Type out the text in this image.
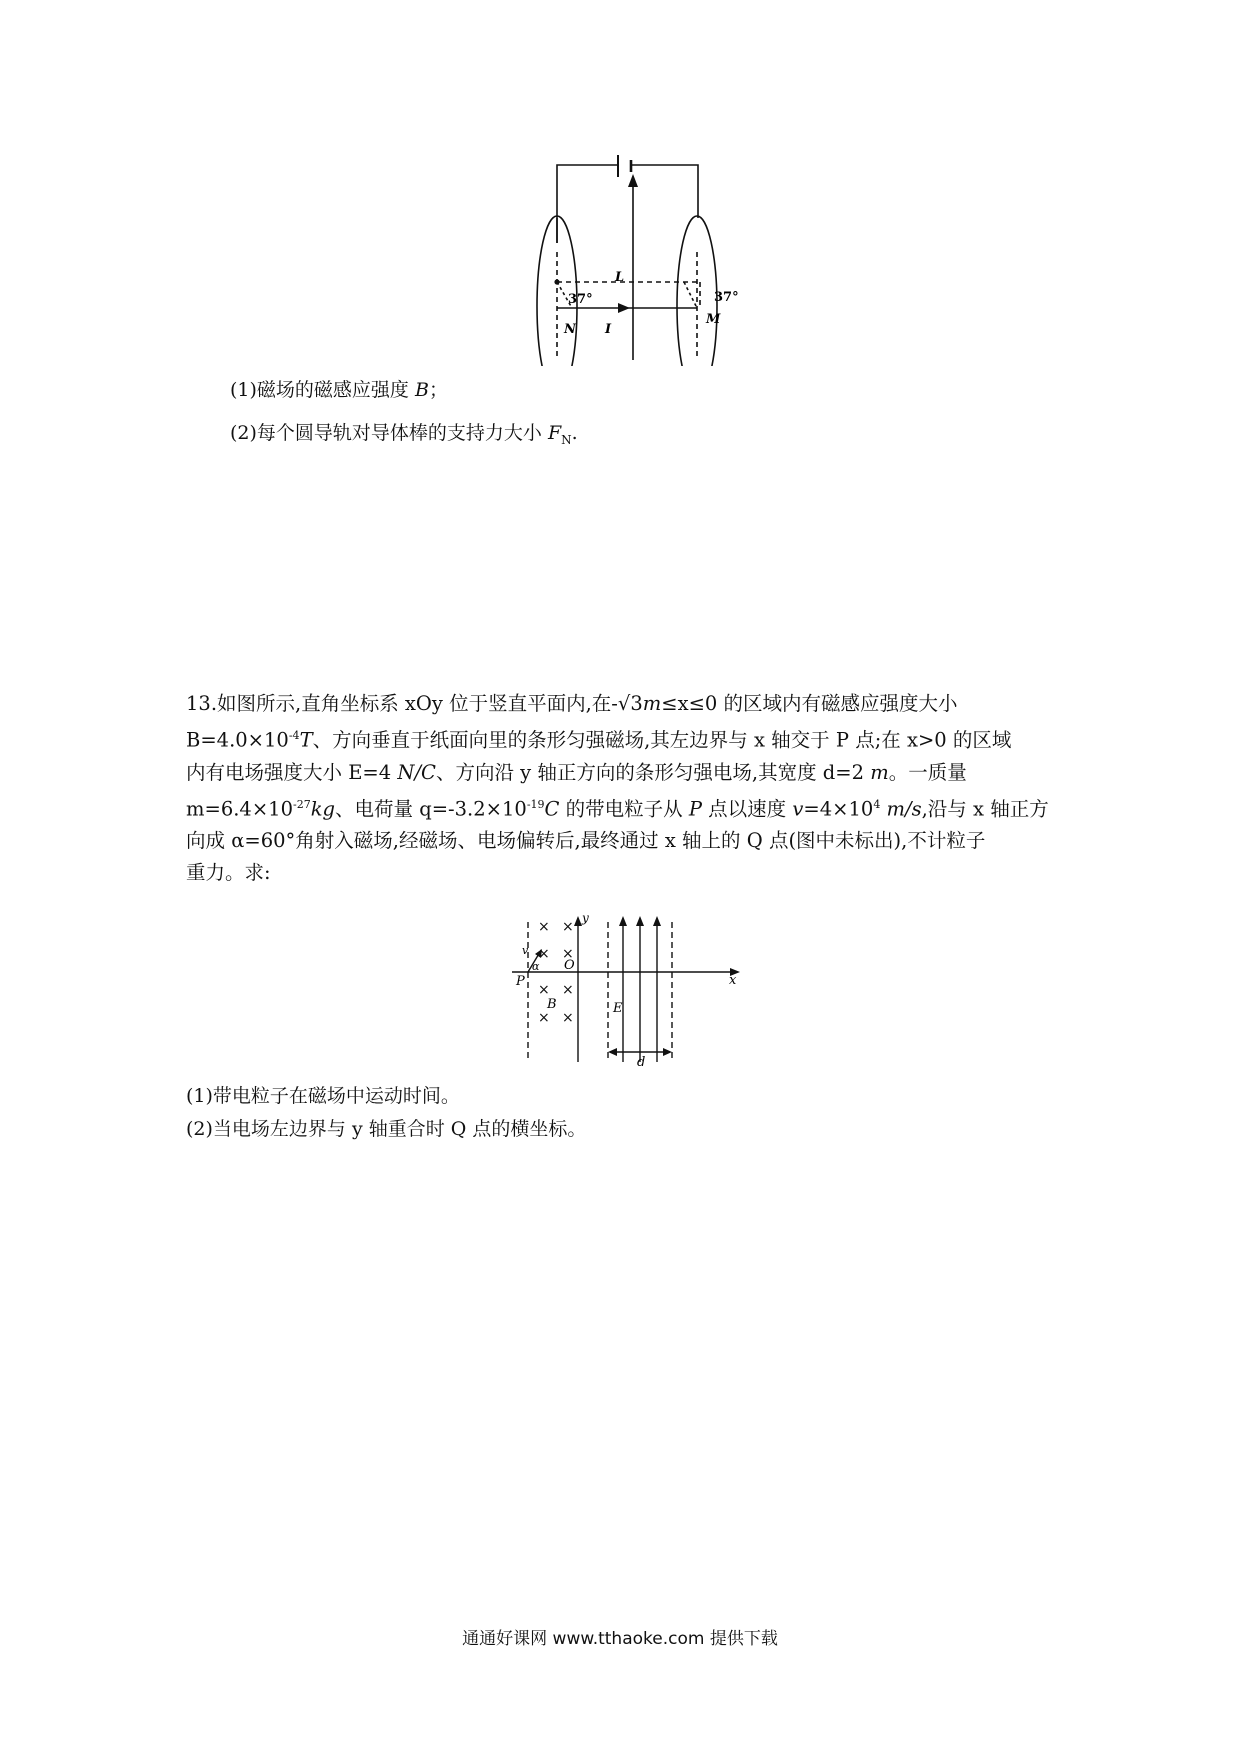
L
37°	37°
N I
M
(1)磁场的磁感应强度 B；
(2)每个圆导轨对导体棒的支持力大小 $F_N$.
13.如图所示,直角坐标系 xOy 位于竖直平面内,在-√3m≤x≤0 的区域内有磁感应强度大小
$B=4.0\times 10^{-4}T$、方向垂直于纸面向里的条形匀强磁场,其左边界与 x 轴交于 P 点;在 x>0 的区域
内有电场强度大小 E=4 N/C、方向沿 y 轴正方向的条形匀强电场,其宽度 d=2 m。一质量
$m=6.4\times 10^{-27}kg$、电荷量 $q=-3.2\times 10^{-19}C$ 的带电粒子从 P 点以速度 $v=4\times 10^4$ m/s,沿与 x 轴正方
向成 α=60°角射入磁场,经磁场、电场偏转后,最终通过 x 轴上的 Q 点(图中未标出),不计粒子
重力。求:
× ×
× ×
× ×
× ×
y
x
O
P
v
α
B	E
d
(1)带电粒子在磁场中运动时间。
(2)当电场左边界与 y 轴重合时 Q 点的横坐标。
通通好课网 www.tthaoke.com 提供下载
